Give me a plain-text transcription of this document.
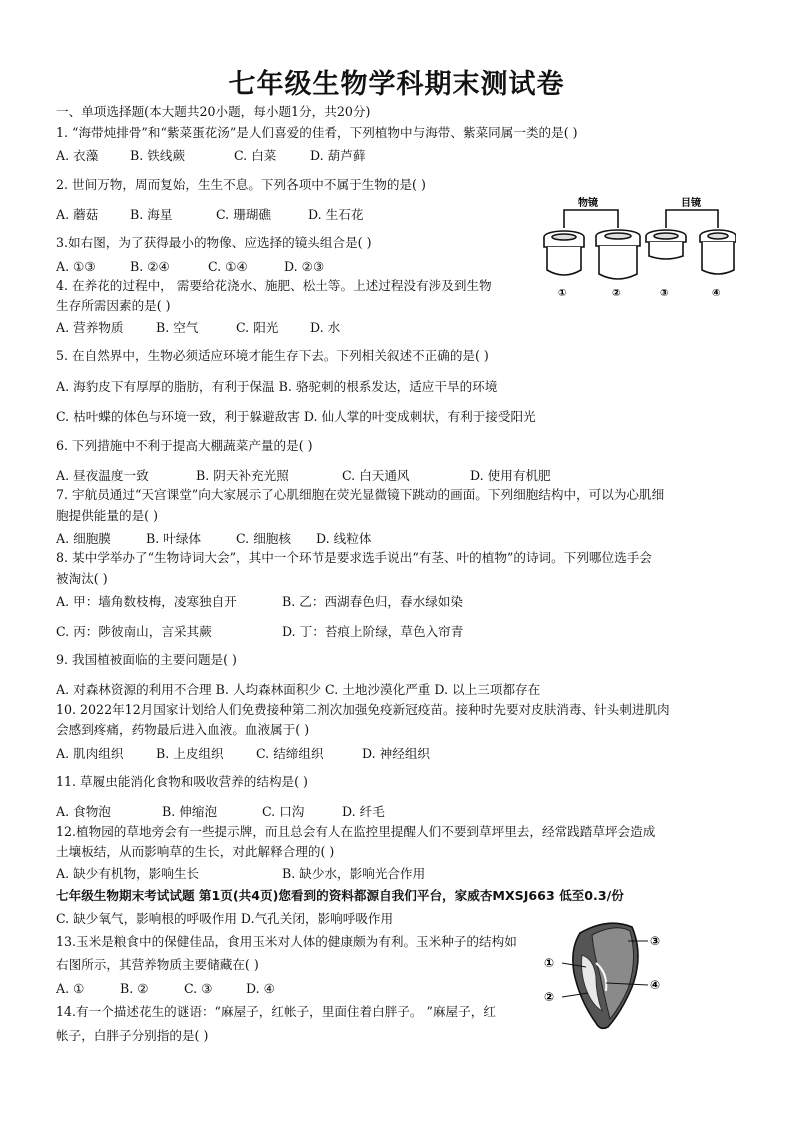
七年级生物学科期末测试卷
一、单项选择题(本大题共20小题，每小题1分，共20分)
1. “海带炖排骨”和“紫菜蛋花汤”是人们喜爱的佳肴，下列植物中与海带、紫菜同属一类的是( )
A. 衣藻	B. 铁线蕨	C. 白菜	D. 葫芦藓
2. 世间万物，周而复始，生生不息。下列各项中不属于生物的是( )
A. 蘑菇	B. 海星	C. 珊瑚礁	D. 生石花
3.如右图，为了获得最小的物像、应选择的镜头组合是( )
A. ①③	B. ②④	C. ①④	D. ②③
4. 在养花的过程中， 需要给花浇水、施肥、松土等。上述过程没有涉及到生物
生存所需因素的是( )
A. 营养物质	B. 空气	C. 阳光	D. 水
5. 在自然界中，生物必须适应环境才能生存下去。下列相关叙述不正确的是( )
A. 海豹皮下有厚厚的脂肪，有利于保温 B. 骆驼刺的根系发达，适应干旱的环境
C. 枯叶蝶的体色与环境一致，利于躲避敌害 D. 仙人掌的叶变成刺状，有利于接受阳光
6. 下列措施中不利于提高大棚蔬菜产量的是( )
A. 昼夜温度一致	B. 阴天补充光照	C. 白天通风	D. 使用有机肥
7. 宇航员通过“天宫课堂”向大家展示了心肌细胞在荧光显微镜下跳动的画面。下列细胞结构中，可以为心肌细
胞提供能量的是( )
A. 细胞膜	B. 叶绿体	C. 细胞核 D. 线粒体
8. 某中学举办了“生物诗词大会”，其中一个环节是要求选手说出“有茎、叶的植物”的诗词。下列哪位选手会
被淘汰( )
A. 甲：墙角数枝梅，凌寒独自开	B. 乙：西湖春色归，春水绿如染
C. 丙：陟彼南山，言采其蕨	D. 丁：苔痕上阶绿，草色入帘青
9. 我国植被面临的主要问题是( )
A. 对森林资源的利用不合理 B. 人均森林面积少 C. 土地沙漠化严重 D. 以上三项都存在
10. 2022年12月国家计划给人们免费接种第二剂次加强免疫新冠疫苗。接种时先要对皮肤消毒、针头刺进肌肉
会感到疼痛，药物最后进入血液。血液属于( )
A. 肌肉组织	B. 上皮组织	C. 结缔组织	D. 神经组织
11. 草履虫能消化食物和吸收营养的结构是( )
A. 食物泡	B. 伸缩泡	C. 口沟	D. 纤毛
12.植物园的草地旁会有一些提示牌，而且总会有人在监控里提醒人们不要到草坪里去，经常践踏草坪会造成
土壤板结，从而影响草的生长，对此解释合理的( )
A. 缺少有机物，影响生长	B. 缺少水，影响光合作用
七年级生物期末考试试题 第1页(共4页)您看到的资料都源自我们平台，家威杏MXSJ663 低至0.3/份
C. 缺少氧气，影响根的呼吸作用 D.气孔关闭，影响呼吸作用
13.玉米是粮食中的保健佳品，食用玉米对人体的健康颇为有利。玉米种子的结构如
右图所示，其营养物质主要储藏在( )
A. ①	B. ②	C. ③	D. ④
14.有一个描述花生的谜语：“麻屋子，红帐子，里面住着白胖子。 ”麻屋子，红
帐子，白胖子分别指的是( )
物镜	目镜
①	②	③	④
①
②
③
④
